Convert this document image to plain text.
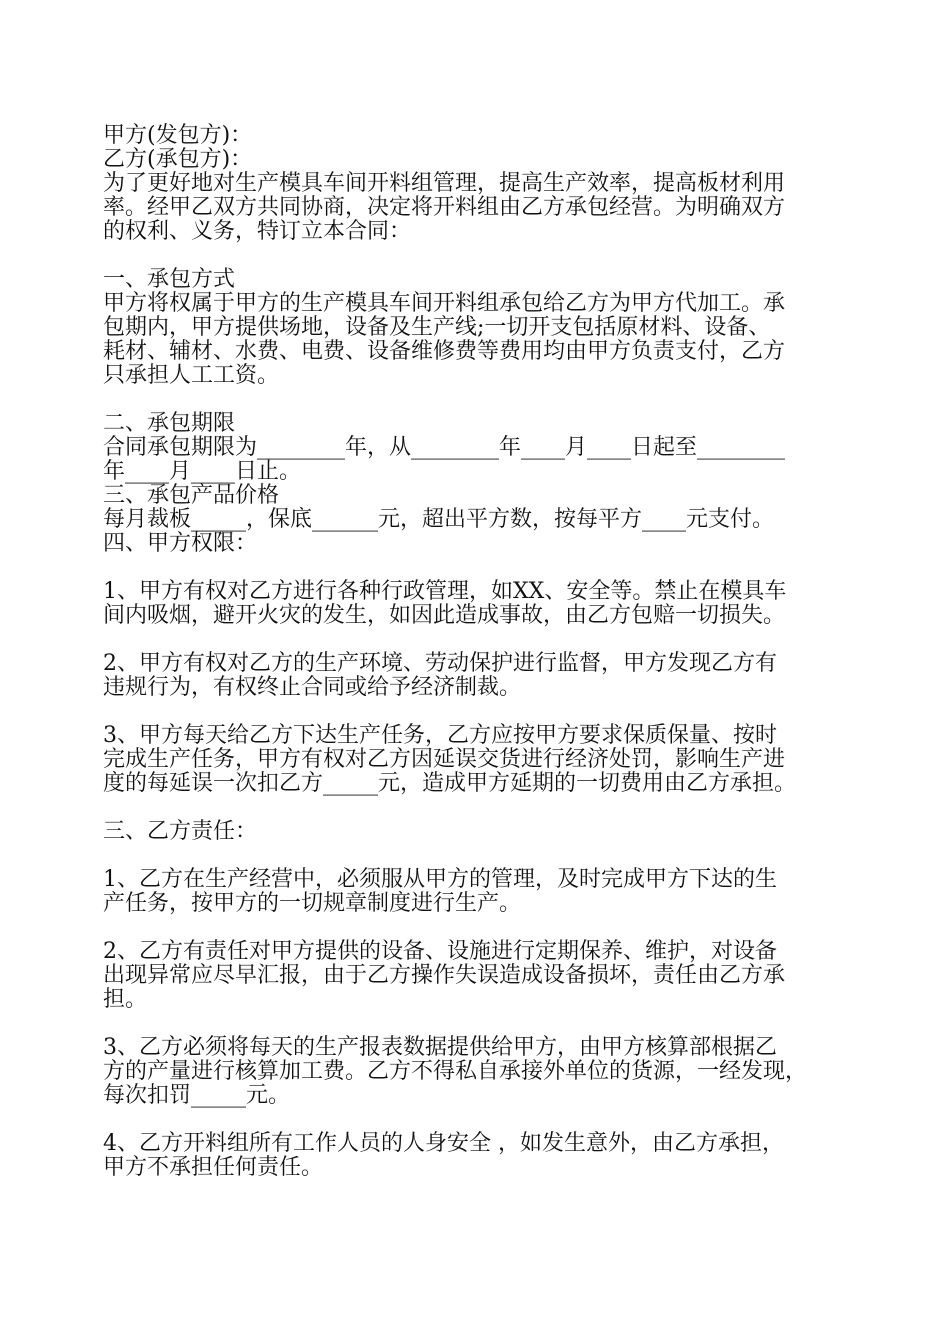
甲方(发包方)：
乙方(承包方)：
为了更好地对生产模具车间开料组管理，提高生产效率，提高板材利用
率。经甲乙双方共同协商，决定将开料组由乙方承包经营。为明确双方
的权利、义务，特订立本合同：
一、承包方式
甲方将权属于甲方的生产模具车间开料组承包给乙方为甲方代加工。承
包期内，甲方提供场地，设备及生产线;一切开支包括原材料、设备、
耗材、辅材、水费、电费、设备维修费等费用均由甲方负责支付，乙方
只承担人工工资。
二、承包期限
合同承包期限为________年，从________年____月____日起至________
年____月____日止。
三、承包产品价格
每月裁板_____，保底______元，超出平方数，按每平方____元支付。
四、甲方权限：
1、甲方有权对乙方进行各种行政管理，如XX、安全等。禁止在模具车
间内吸烟，避开火灾的发生，如因此造成事故，由乙方包赔一切损失。
2、甲方有权对乙方的生产环境、劳动保护进行监督，甲方发现乙方有
违规行为，有权终止合同或给予经济制裁。
3、甲方每天给乙方下达生产任务，乙方应按甲方要求保质保量、按时
完成生产任务，甲方有权对乙方因延误交货进行经济处罚，影响生产进
度的每延误一次扣乙方_____元，造成甲方延期的一切费用由乙方承担。
三、乙方责任：
1、乙方在生产经营中，必须服从甲方的管理，及时完成甲方下达的生
产任务，按甲方的一切规章制度进行生产。
2、乙方有责任对甲方提供的设备、设施进行定期保养、维护，对设备
出现异常应尽早汇报，由于乙方操作失误造成设备损坏，责任由乙方承
担。
3、乙方必须将每天的生产报表数据提供给甲方，由甲方核算部根据乙
方的产量进行核算加工费。乙方不得私自承接外单位的货源，一经发现，
每次扣罚_____元。
4、乙方开料组所有工作人员的人身安全 ，如发生意外，由乙方承担，
甲方不承担任何责任。
